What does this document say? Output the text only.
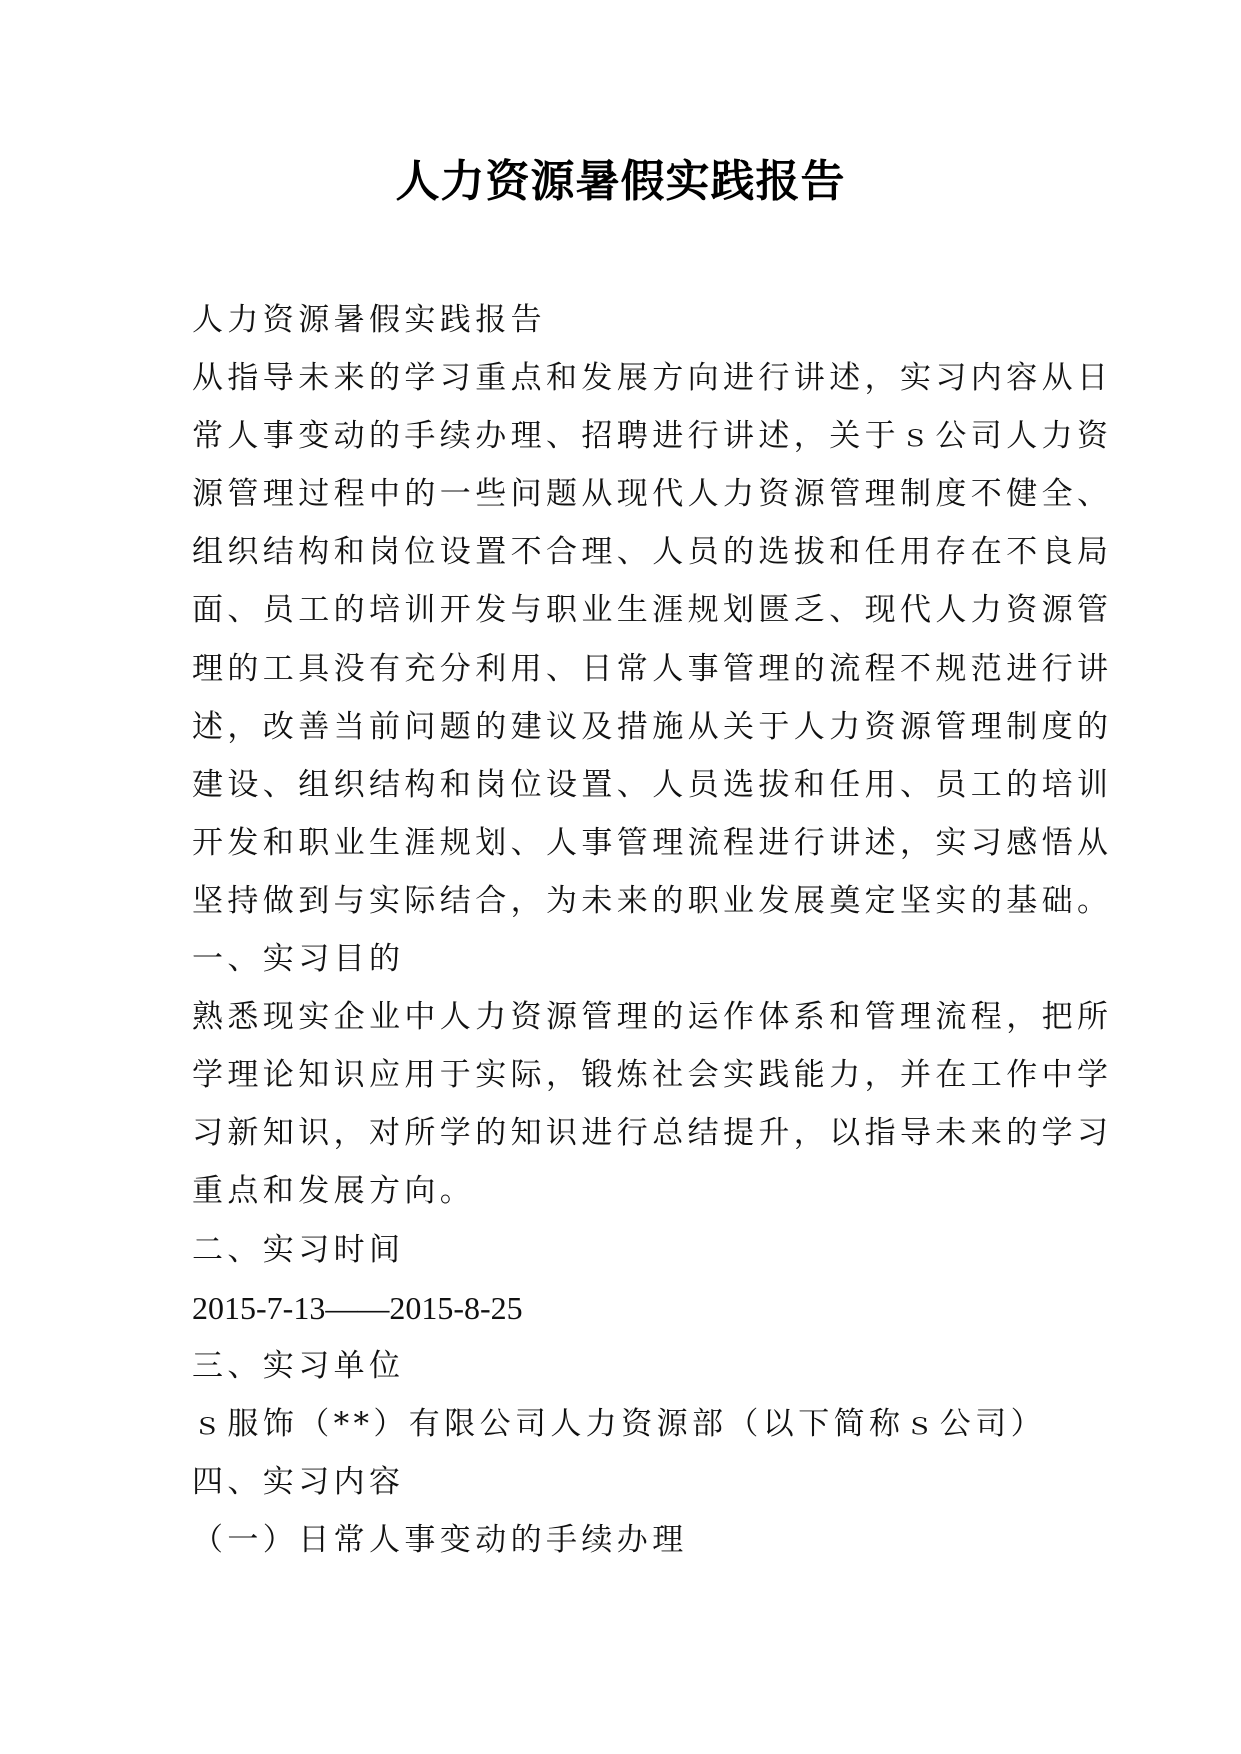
人力资源暑假实践报告
人力资源暑假实践报告
从指导未来的学习重点和发展方向进行讲述，实习内容从日
常人事变动的手续办理、招聘进行讲述，关于ｓ公司人力资
源管理过程中的一些问题从现代人力资源管理制度不健全、
组织结构和岗位设置不合理、人员的选拔和任用存在不良局
面、员工的培训开发与职业生涯规划匮乏、现代人力资源管
理的工具没有充分利用、日常人事管理的流程不规范进行讲
述，改善当前问题的建议及措施从关于人力资源管理制度的
建设、组织结构和岗位设置、人员选拔和任用、员工的培训
开发和职业生涯规划、人事管理流程进行讲述，实习感悟从
坚持做到与实际结合，为未来的职业发展奠定坚实的基础。
一、实习目的
熟悉现实企业中人力资源管理的运作体系和管理流程，把所
学理论知识应用于实际，锻炼社会实践能力，并在工作中学
习新知识，对所学的知识进行总结提升，以指导未来的学习
重点和发展方向。
二、实习时间
2015-7-13——2015-8-25
三、实习单位
ｓ服饰（**）有限公司人力资源部（以下简称ｓ公司）
四、实习内容
（一）日常人事变动的手续办理
